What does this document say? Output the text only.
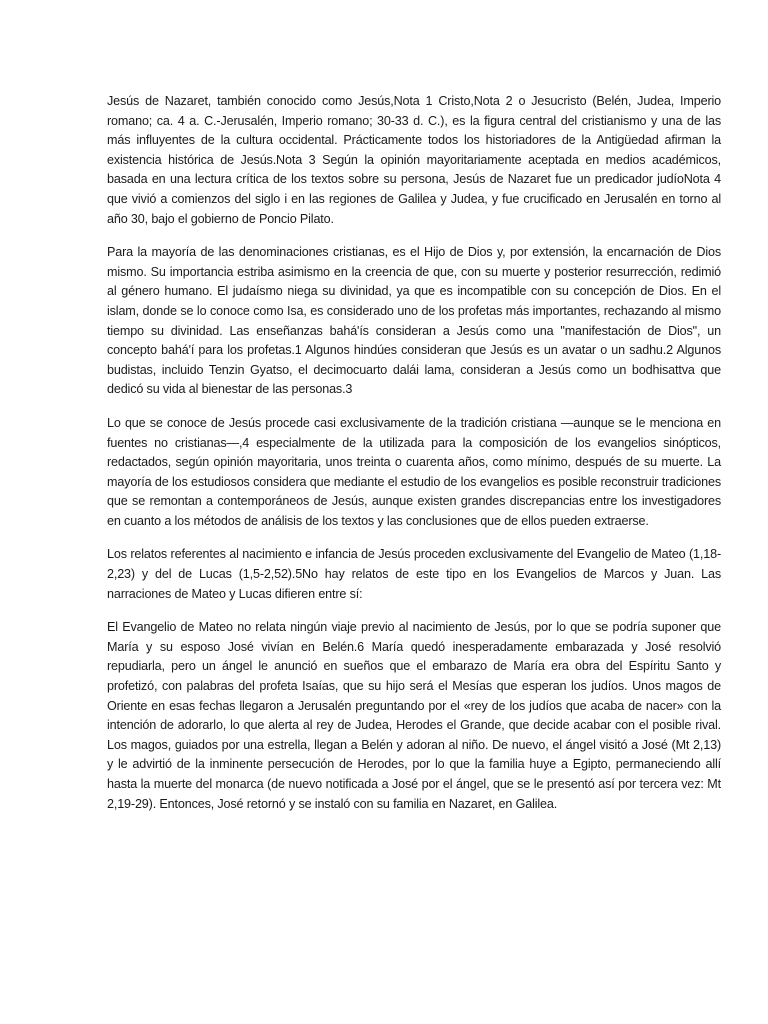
Jesús de Nazaret, también conocido como Jesús,Nota 1 Cristo,Nota 2 o Jesucristo (Belén, Judea, Imperio romano; ca. 4 a. C.-Jerusalén, Imperio romano; 30-33 d. C.), es la figura central del cristianismo y una de las más influyentes de la cultura occidental. Prácticamente todos los historiadores de la Antigüedad afirman la existencia histórica de Jesús.Nota 3 Según la opinión mayoritariamente aceptada en medios académicos, basada en una lectura crítica de los textos sobre su persona, Jesús de Nazaret fue un predicador judíoNota 4 que vivió a comienzos del siglo i en las regiones de Galilea y Judea, y fue crucificado en Jerusalén en torno al año 30, bajo el gobierno de Poncio Pilato.

Para la mayoría de las denominaciones cristianas, es el Hijo de Dios y, por extensión, la encarnación de Dios mismo. Su importancia estriba asimismo en la creencia de que, con su muerte y posterior resurrección, redimió al género humano. El judaísmo niega su divinidad, ya que es incompatible con su concepción de Dios. En el islam, donde se lo conoce como Isa, es considerado uno de los profetas más importantes, rechazando al mismo tiempo su divinidad. Las enseñanzas bahá'ís consideran a Jesús como una "manifestación de Dios", un concepto bahá'í para los profetas.1 Algunos hindúes consideran que Jesús es un avatar o un sadhu.2 Algunos budistas, incluido Tenzin Gyatso, el decimocuarto dalái lama, consideran a Jesús como un bodhisattva que dedicó su vida al bienestar de las personas.3

Lo que se conoce de Jesús procede casi exclusivamente de la tradición cristiana —aunque se le menciona en fuentes no cristianas—,4 especialmente de la utilizada para la composición de los evangelios sinópticos, redactados, según opinión mayoritaria, unos treinta o cuarenta años, como mínimo, después de su muerte. La mayoría de los estudiosos considera que mediante el estudio de los evangelios es posible reconstruir tradiciones que se remontan a contemporáneos de Jesús, aunque existen grandes discrepancias entre los investigadores en cuanto a los métodos de análisis de los textos y las conclusiones que de ellos pueden extraerse.

Los relatos referentes al nacimiento e infancia de Jesús proceden exclusivamente del Evangelio de Mateo (1,18-2,23) y del de Lucas (1,5-2,52).5No hay relatos de este tipo en los Evangelios de Marcos y Juan. Las narraciones de Mateo y Lucas difieren entre sí:

El Evangelio de Mateo no relata ningún viaje previo al nacimiento de Jesús, por lo que se podría suponer que María y su esposo José vivían en Belén.6 María quedó inesperadamente embarazada y José resolvió repudiarla, pero un ángel le anunció en sueños que el embarazo de María era obra del Espíritu Santo y profetizó, con palabras del profeta Isaías, que su hijo será el Mesías que esperan los judíos. Unos magos de Oriente en esas fechas llegaron a Jerusalén preguntando por el «rey de los judíos que acaba de nacer» con la intención de adorarlo, lo que alerta al rey de Judea, Herodes el Grande, que decide acabar con el posible rival. Los magos, guiados por una estrella, llegan a Belén y adoran al niño. De nuevo, el ángel visitó a José (Mt 2,13) y le advirtió de la inminente persecución de Herodes, por lo que la familia huye a Egipto, permaneciendo allí hasta la muerte del monarca (de nuevo notificada a José por el ángel, que se le presentó así por tercera vez: Mt 2,19-29). Entonces, José retornó y se instaló con su familia en Nazaret, en Galilea.
